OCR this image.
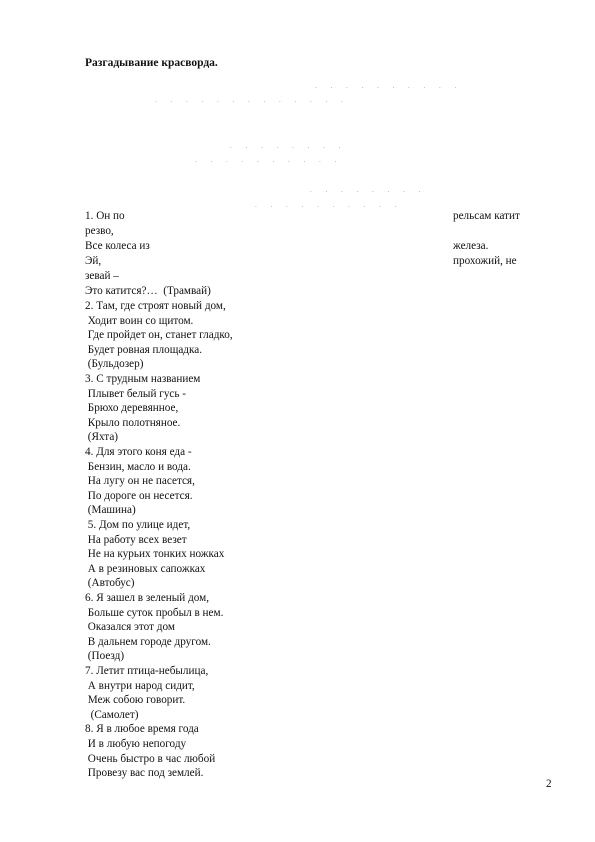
Разгадывание красворда.
. . . . . . . . . .
. . . . . . . . . . . . .
. . . . . . . .
. . . . . . . . . .
. . . . . . . .
. . . . . . . . . .
1. Он по	рельсам катит
резво,
Все колеса из	железа.
Эй,	прохожий, не
зевай –
Это катится?…  (Трамвай)
2. Там, где строят новый дом,
Ходит воин со щитом.
Где пройдет он, станет гладко,
Будет ровная площадка.
(Бульдозер)
3. С трудным названием
Плывет белый гусь -
Брюхо деревянное,
Крыло полотняное.
(Яхта)
4. Для этого коня еда -
Бензин, масло и вода.
На лугу он не пасется,
По дороге он несется.
(Машина)
5. Дом по улице идет,
На работу всех везет
Не на курьих тонких ножках
А в резиновых сапожках
(Автобус)
6. Я зашел в зеленый дом,
Больше суток пробыл в нем.
Оказался этот дом
В дальнем городе другом.
(Поезд)
7. Летит птица-небылица,
А внутри народ сидит,
Меж собою говорит.
(Самолет)
8. Я в любое время года
И в любую непогоду
Очень быстро в час любой
Провезу вас под землей.
2
